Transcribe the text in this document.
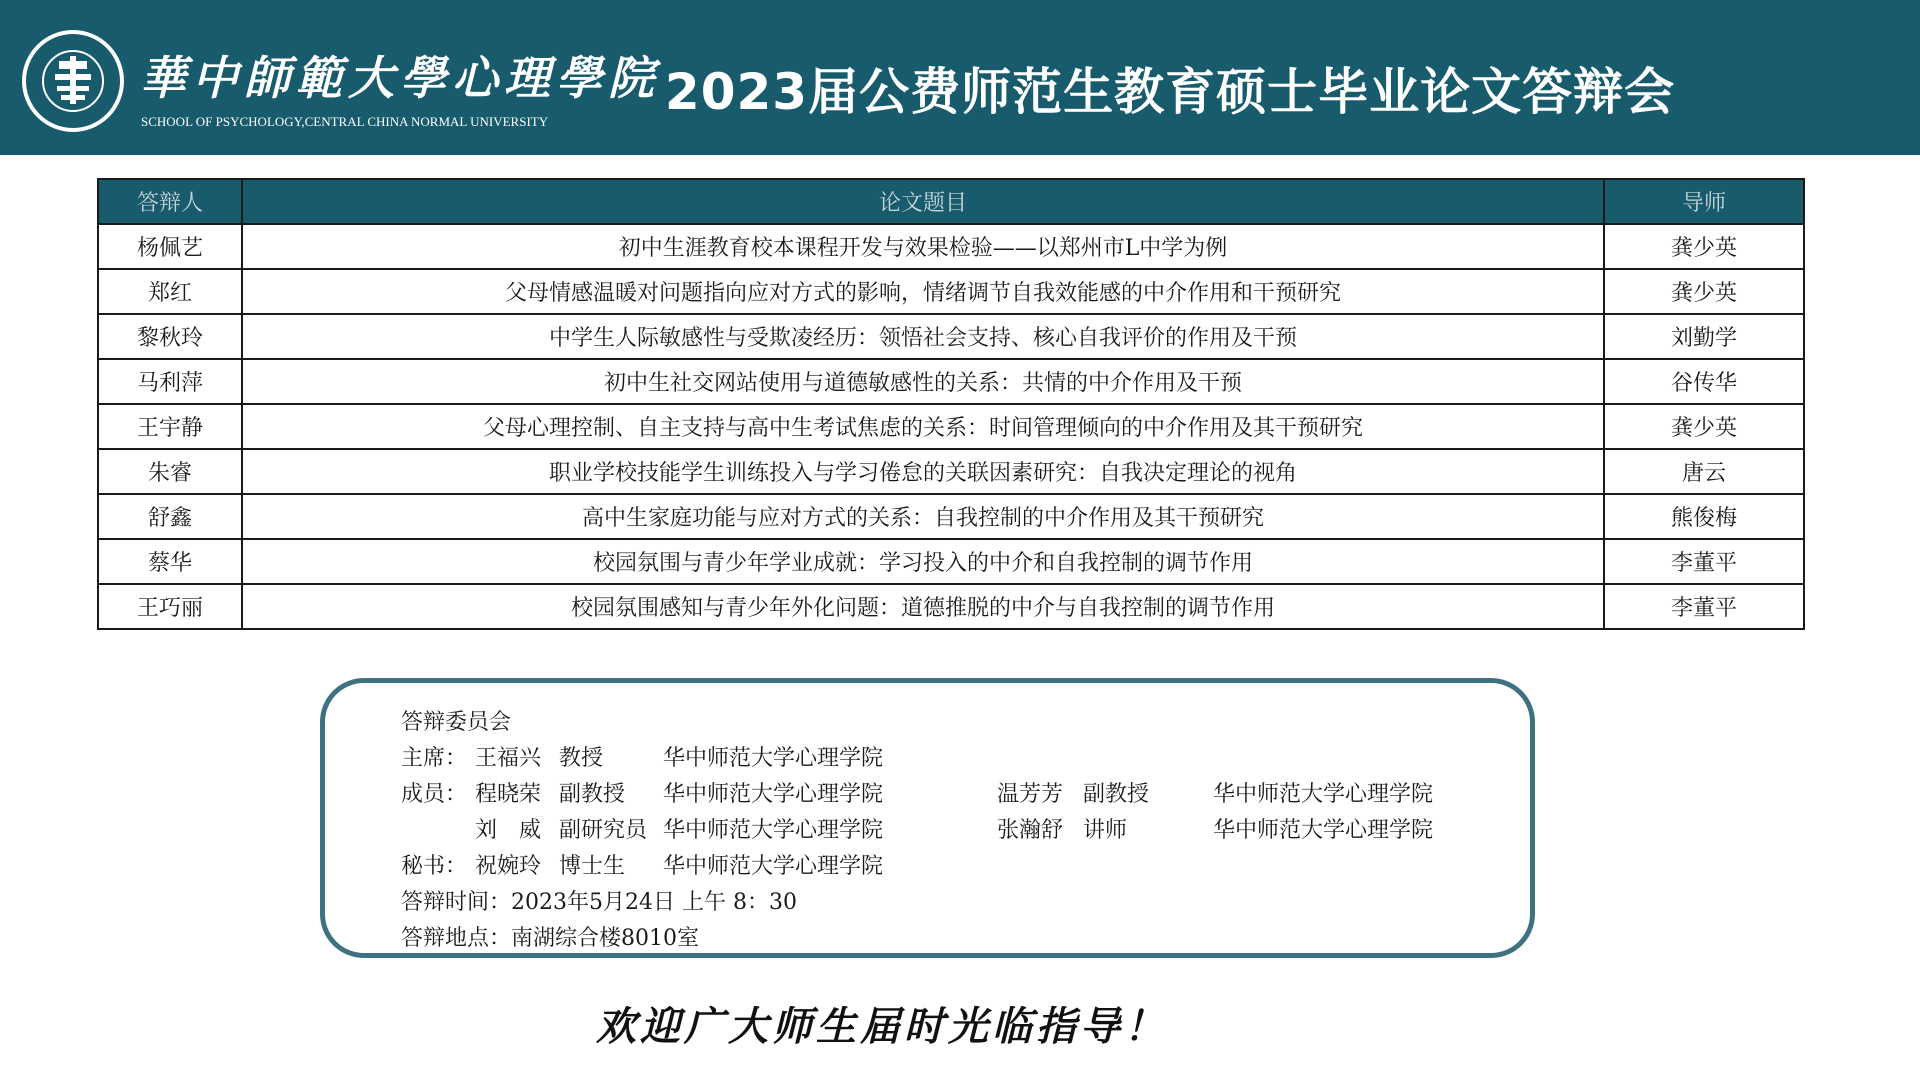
華中師範大學心理學院
SCHOOL OF PSYCHOLOGY,CENTRAL CHINA NORMAL UNIVERSITY
2023届公费师范生教育硕士毕业论文答辩会
答辩人	论文题目	导师
杨佩艺	初中生涯教育校本课程开发与效果检验——以郑州市L中学为例	龚少英
郑红	父母情感温暖对问题指向应对方式的影响，情绪调节自我效能感的中介作用和干预研究	龚少英
黎秋玲	中学生人际敏感性与受欺凌经历：领悟社会支持、核心自我评价的作用及干预	刘勤学
马利萍	初中生社交网站使用与道德敏感性的关系：共情的中介作用及干预	谷传华
王宇静	父母心理控制、自主支持与高中生考试焦虑的关系：时间管理倾向的中介作用及其干预研究	龚少英
朱睿	职业学校技能学生训练投入与学习倦怠的关联因素研究：自我决定理论的视角	唐云
舒鑫	高中生家庭功能与应对方式的关系：自我控制的中介作用及其干预研究	熊俊梅
蔡华	校园氛围与青少年学业成就：学习投入的中介和自我控制的调节作用	李董平
王巧丽	校园氛围感知与青少年外化问题：道德推脱的中介与自我控制的调节作用	李董平
答辩委员会
主席： 王福兴 教授	华中师范大学心理学院
成员： 程晓荣 副教授 华中师范大学心理学院	温芳芳 副教授	华中师范大学心理学院
刘　威 副研究员 华中师范大学心理学院	张瀚舒 讲师	华中师范大学心理学院
秘书： 祝婉玲 博士生 华中师范大学心理学院
答辩时间：2023年5月24日 上午 8：30
答辩地点：南湖综合楼8010室
欢迎广大师生届时光临指导！
